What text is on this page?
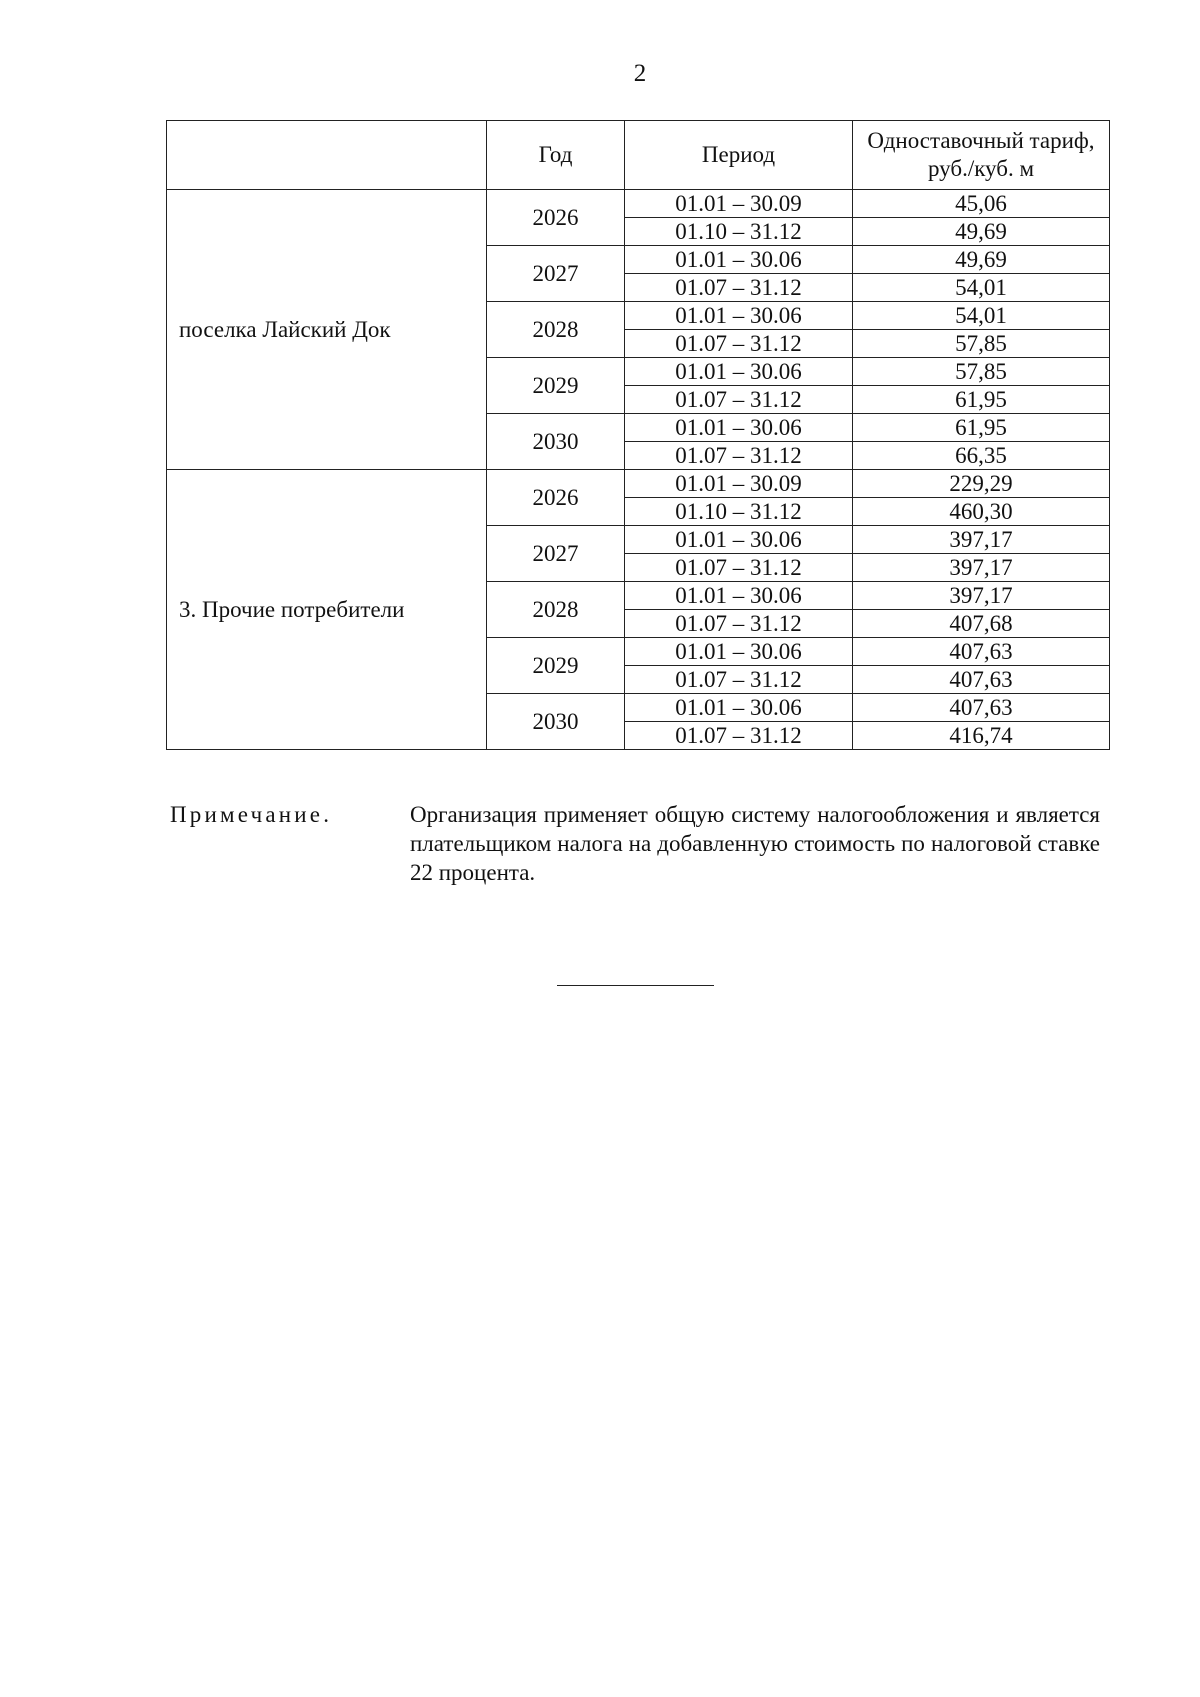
2
	Год	Период	Одноставочный тариф,
руб./куб. м
поселка Лайский Док	2026	01.01 – 30.09	45,06
		01.10 – 31.12	49,69
	2027	01.01 – 30.06	49,69
		01.07 – 31.12	54,01
	2028	01.01 – 30.06	54,01
		01.07 – 31.12	57,85
	2029	01.01 – 30.06	57,85
		01.07 – 31.12	61,95
	2030	01.01 – 30.06	61,95
		01.07 – 31.12	66,35
3. Прочие потребители	2026	01.01 – 30.09	229,29
		01.10 – 31.12	460,30
	2027	01.01 – 30.06	397,17
		01.07 – 31.12	397,17
	2028	01.01 – 30.06	397,17
		01.07 – 31.12	407,68
	2029	01.01 – 30.06	407,63
		01.07 – 31.12	407,63
	2030	01.01 – 30.06	407,63
		01.07 – 31.12	416,74
Примечание.	Организация применяет общую систему налогообложения и является плательщиком налога на добавленную стоимость по налоговой ставке 22 процента.
